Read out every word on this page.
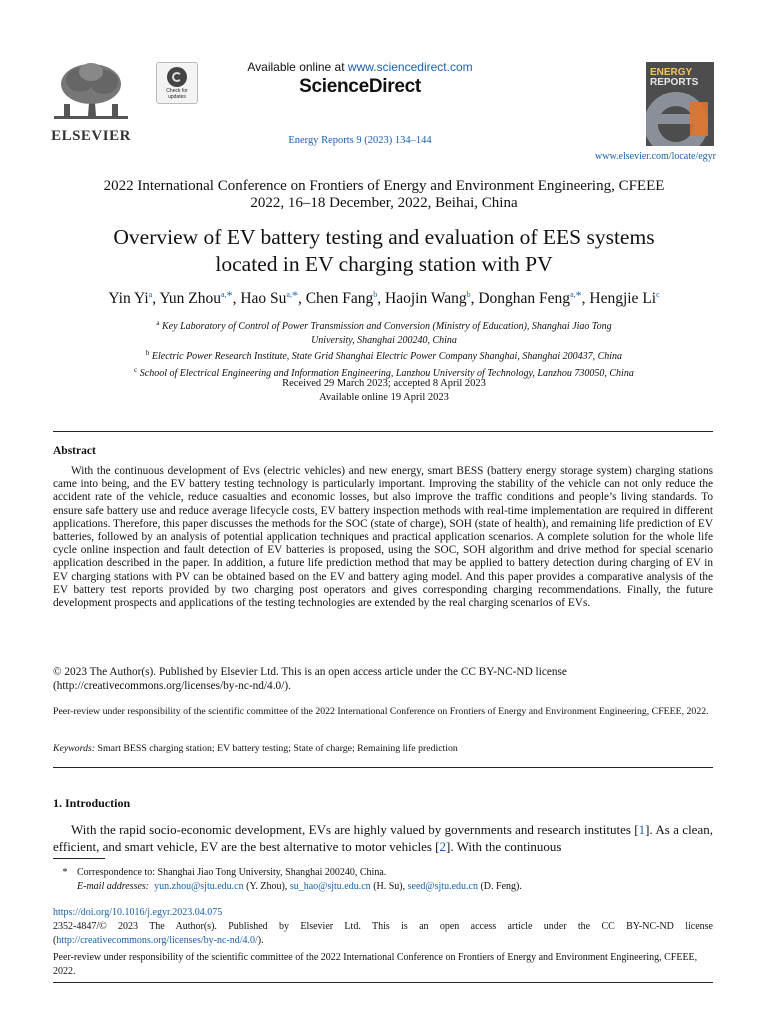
ELSEVIER
Check for updates
Available online at www.sciencedirect.com
ScienceDirect
Energy Reports 9 (2023) 134–144
ENERGY
REPORTS
www.elsevier.com/locate/egyr
2022 International Conference on Frontiers of Energy and Environment Engineering, CFEEE
2022, 16–18 December, 2022, Beihai, China
Overview of EV battery testing and evaluation of EES systems
located in EV charging station with PV
Yin Yi$^a$, Yun Zhou$^{a,*}$, Hao $Su^{a,*}$, Chen Fang$^b$, Haojin Wang$^b$, Donghan Feng$^{a,*}$, Hengjie Li$^c$
$^a$ Key Laboratory of Control of Power Transmission and Conversion (Ministry of Education), Shanghai Jiao Tong
University, Shanghai 200240, China
$^b$ Electric Power Research Institute, State Grid Shanghai Electric Power Company Shanghai, Shanghai 200437, China
$^c$ School of Electrical Engineering and Information Engineering, Lanzhou University of Technology, Lanzhou 730050, China
Received 29 March 2023; accepted 8 April 2023
Available online 19 April 2023
Abstract

With the continuous development of Evs (electric vehicles) and new energy, smart BESS (battery energy storage system) charging stations came into being, and the EV battery testing technology is particularly important. Improving the stability of the vehicle can not only reduce the accident rate of the vehicle, reduce casualties and economic losses, but also improve the traffic conditions and people’s living standards. To ensure safe battery use and reduce average lifecycle costs, EV battery inspection methods with real-time implementation are required in different applications. Therefore, this paper discusses the methods for the SOC (state of charge), SOH (state of health), and remaining life prediction of EV batteries, followed by an analysis of potential application techniques and practical application scenarios. A complete solution for the whole life cycle online inspection and fault detection of EV batteries is proposed, using the SOC, SOH algorithm and drive method for special scenario application described in the paper. In addition, a future life prediction method that may be applied to battery detection during charging of EV in EV charging stations with PV can be obtained based on the EV and battery aging model. And this paper provides a comparative analysis of the EV battery test reports provided by two charging post operators and gives corresponding charging recommendations. Finally, the future development prospects and applications of the testing technologies are extended by the real charging scenarios of EVs.

© 2023 The Author(s). Published by Elsevier Ltd. This is an open access article under the CC BY-NC-ND license
(http://creativecommons.org/licenses/by-nc-nd/4.0/).
Peer-review under responsibility of the scientific committee of the 2022 International Conference on Frontiers of Energy and Environment Engineering, CFEEE, 2022.
Keywords: Smart BESS charging station; EV battery testing; State of charge; Remaining life prediction
1. Introduction

With the rapid socio-economic development, EVs are highly valued by governments and research institutes [1]. As a clean, efficient, and smart vehicle, EV are the best alternative to motor vehicles [2]. With the continuous

* Correspondence to: Shanghai Jiao Tong University, Shanghai 200240, China.
E-mail addresses: yun.zhou@sjtu.edu.cn (Y. Zhou), su_hao@sjtu.edu.cn (H. Su), seed@sjtu.edu.cn (D. Feng).
https://doi.org/10.1016/j.egyr.2023.04.075
2352-4847/© 2023 The Author(s). Published by Elsevier Ltd. This is an open access article under the CC BY-NC-ND license (http://creativecommons.org/licenses/by-nc-nd/4.0/).
Peer-review under responsibility of the scientific committee of the 2022 International Conference on Frontiers of Energy and Environment Engineering, CFEEE, 2022.
